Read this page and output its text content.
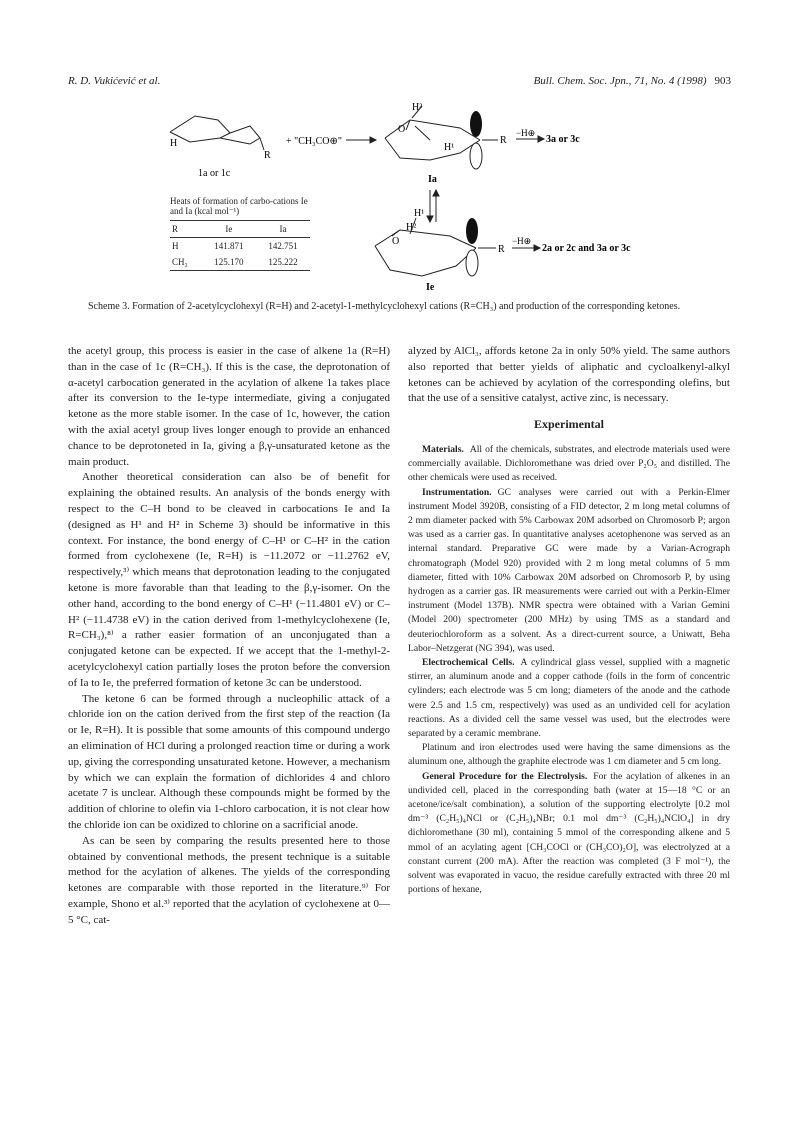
R. D. Vukićević et al.	Bull. Chem. Soc. Jpn., 71, No. 4 (1998) 903
H
R
1a or 1c
+ "CH₃CO⊕"
H²
O
H¹
R
−H⊕
3a or 3c
Ia
H¹
H²
O
R
−H⊕
2a or 2c and 3a or 3c
Ie
Heats of formation of carbo-cations Ie and Ia (kcal mol⁻¹)
R	Ie	Ia
H	141.871	142.751
CH₃	125.170	125.222
Scheme 3. Formation of 2-acetylcyclohexyl (R=H) and 2-acetyl-1-methylcyclohexyl cations (R=CH₃) and production of the corresponding ketones.

the acetyl group, this process is easier in the case of alkene 1a (R=H) than in the case of 1c (R=CH₃). If this is the case, the deprotonation of α-acetyl carbocation generated in the acylation of alkene 1a takes place after its conversion to the Ie-type intermediate, giving a conjugated ketone as the more stable isomer. In the case of 1c, however, the cation with the axial acetyl group lives longer enough to provide an enhanced chance to be deprotoneted in Ia, giving a β,γ-unsaturated ketone as the main product.

Another theoretical consideration can also be of benefit for explaining the obtained results. An analysis of the bonds energy with respect to the C–H bond to be cleaved in carbocations Ie and Ia (designed as H¹ and H² in Scheme 3) should be informative in this context. For instance, the bond energy of C–H¹ or C–H² in the cation formed from cyclohexene (Ie, R=H) is −11.2072 or −11.2762 eV, respectively,³⁾ which means that deprotonation leading to the conjugated ketone is more favorable than that leading to the β,γ-isomer. On the other hand, according to the bond energy of C–H¹ (−11.4801 eV) or C–H² (−11.4738 eV) in the cation derived from 1-methylcyclohexene (Ie, R=CH₃),⁸⁾ a rather easier formation of an unconjugated than a conjugated ketone can be expected. If we accept that the 1-methyl-2-acetylcyclohexyl cation partially loses the proton before the conversion of Ia to Ie, the preferred formation of ketone 3c can be understood.

The ketone 6 can be formed through a nucleophilic attack of a chloride ion on the cation derived from the first step of the reaction (Ia or Ie, R=H). It is possible that some amounts of this compound undergo an elimination of HCl during a prolonged reaction time or during a work up, giving the corresponding unsaturated ketone. However, a mechanism by which we can explain the formation of dichlorides 4 and chloro acetate 7 is unclear. Although these compounds might be formed by the addition of chlorine to olefin via 1-chloro carbocation, it is not clear how the chloride ion can be oxidized to chlorine on a sacrificial anode.

As can be seen by comparing the results presented here to those obtained by conventional methods, the present technique is a suitable method for the acylation of alkenes. The yields of the corresponding ketones are comparable with those reported in the literature.⁹⁾ For example, Shono et al.³⁾ reported that the acylation of cyclohexene at 0—5 °C, cat-

alyzed by AlCl₃, affords ketone 2a in only 50% yield. The same authors also reported that better yields of aliphatic and cycloalkenyl-alkyl ketones can be achieved by acylation of the corresponding olefins, but that the use of a sensitive catalyst, active zinc, is necessary.

Experimental

Materials. All of the chemicals, substrates, and electrode materials used were commercially available. Dichloromethane was dried over P₂O₅ and distilled. The other chemicals were used as received.

Instrumentation. GC analyses were carried out with a Perkin-Elmer instrument Model 3920B, consisting of a FID detector, 2 m long metal columns of 2 mm diameter packed with 5% Carbowax 20M adsorbed on Chromosorb P; argon was used as a carrier gas. In quantitative analyses acetophenone was served as an internal standard. Preparative GC were made by a Varian-Acrograph chromatograph (Model 920) provided with 2 m long metal columns of 5 mm diameter, fitted with 10% Carbowax 20M adsorbed on Chromosorb P, by using hydrogen as a carrier gas. IR measurements were carried out with a Perkin-Elmer instrument (Model 137B). NMR spectra were obtained with a Varian Gemini (Model 200) spectrometer (200 MHz) by using TMS as a standard and deuteriochloroform as a solvent. As a direct-current source, a Uniwatt, Beha Labor–Netzgerat (NG 394), was used.

Electrochemical Cells. A cylindrical glass vessel, supplied with a magnetic stirrer, an aluminum anode and a copper cathode (foils in the form of concentric cylinders; each electrode was 5 cm long; diameters of the anode and the cathode were 2.5 and 1.5 cm, respectively) was used as an undivided cell for acylation reactions. As a divided cell the same vessel was used, but the electrodes were separated by a ceramic membrane.

Platinum and iron electrodes used were having the same dimensions as the aluminum one, although the graphite electrode was 1 cm diameter and 5 cm long.

General Procedure for the Electrolysis. For the acylation of alkenes in an undivided cell, placed in the corresponding bath (water at 15—18 °C or an acetone/ice/salt combination), a solution of the supporting electrolyte [0.2 mol dm⁻³ (C₂H₅)₄NCl or (C₂H₅)₄NBr; 0.1 mol dm⁻³ (C₂H₅)₄NClO₄] in dry dichloromethane (30 ml), containing 5 mmol of the corresponding alkene and 5 mmol of an acylating agent [CH₃COCl or (CH₃CO)₂O], was electrolyzed at a constant current (200 mA). After the reaction was completed (3 F mol⁻¹), the solvent was evaporated in vacuo, the residue carefully extracted with three 20 ml portions of hexane,
